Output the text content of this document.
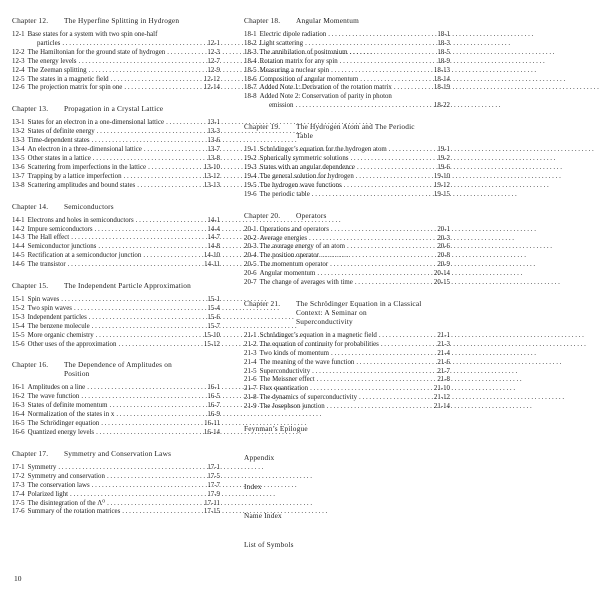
Chapter 12.	The Hyperfine Splitting in Hydrogen
12-1 Base states for a system with two spin one-half
particles . . .	12-1
12-2 The Hamiltonian for the ground state of hydrogen . . .	12-3
12-3 The energy levels . . .	12-7
12-4 The Zeeman splitting . . .	12-9
12-5 The states in a magnetic field . . .	12-12
12-6 The projection matrix for spin one . . .	12-14
Chapter 13.	Propagation in a Crystal Lattice
13-1 States for an electron in a one-dimensional lattice . . .	13-1
13-2 States of definite energy . . .	13-3
13-3 Time-dependent states . . .	13-6
13-4 An electron in a three-dimensional lattice . . .	13-7
13-5 Other states in a lattice . . .	13-8
13-6 Scattering from imperfections in the lattice . . .	13-10
13-7 Trapping by a lattice imperfection . . .	13-12
13-8 Scattering amplitudes and bound states . . .	13-13
Chapter 14.	Semiconductors
14-1 Electrons and holes in semiconductors . . .	14-1
14-2 Impure semiconductors . . .	14-4
14-3 The Hall effect . . .	14-7
14-4 Semiconductor junctions . . .	14-8
14-5 Rectification at a semiconductor junction . . .	14-10
14-6 The transistor . . .	14-11
Chapter 15.	The Independent Particle Approximation
15-1 Spin waves . . .	15-1
15-2 Two spin waves . . .	15-4
15-3 Independent particles . . .	15-6
15-4 The benzene molecule . . .	15-7
15-5 More organic chemistry . . .	15-10
15-6 Other uses of the approximation . . .	15-12
Chapter 16.	The Dependence of Amplitudes on
Position
16-1 Amplitudes on a line . . .	16-1
16-2 The wave function . . .	16-5
16-3 States of definite momentum . . .	16-7
16-4 Normalization of the states in x . . .	16-9
16-5 The Schrödinger equation . . .	16-11
16-6 Quantized energy levels . . .	16-14
Chapter 17.	Symmetry and Conservation Laws
17-1 Symmetry . . .	17-1
17-2 Symmetry and conservation . . .	17-5
17-3 The conservation laws . . .	17-7
17-4 Polarized light . . .	17-9
17-5 The disintegration of the Λ⁰ . . .	17-11
17-6 Summary of the rotation matrices . . .	17-15
Chapter 18.	Angular Momentum
18-1 Electric dipole radiation . . .	18-1
18-2 Light scattering . . .	18-3
18-3 The annihilation of positronium . . .	18-5
18-4 Rotation matrix for any spin . . .	18-9
18-5 Measuring a nuclear spin . . .	18-13
18-6 Composition of angular momentum . . .	18-14
18-7 Added Note 1: Derivation of the rotation matrix . . .	18-19
18-8 Added Note 2: Conservation of parity in photon
emission . . .	18-22
Chapter 19.	The Hydrogen Atom and The Periodic
Table
19-1 Schrödinger’s equation for the hydrogen atom . . .	19-1
19-2 Spherically symmetric solutions . . .	19-2
19-3 States with an angular dependence . . .	19-6
19-4 The general solution for hydrogen . . .	19-10
19-5 The hydrogen wave functions . . .	19-12
19-6 The periodic table . . .	19-15
Chapter 20.	Operators
20-1 Operations and operators . . .	20-1
20-2 Average energies . . .	20-3
20-3 The average energy of an atom . . .	20-6
20-4 The position operator . . .	20-8
20-5 The momentum operator . . .	20-9
20-6 Angular momentum . . .	20-14
20-7 The change of averages with time . . .	20-15
Chapter 21.	The Schrödinger Equation in a Classical
Context: A Seminar on
Superconductivity
21-1 Schrödinger’s equation in a magnetic field . . .	21-1
21-2 The equation of continuity for probabilities . . .	21-3
21-3 Two kinds of momentum . . .	21-4
21-4 The meaning of the wave function . . .	21-6
21-5 Superconductivity . . .	21-7
21-6 The Meissner effect . . .	21-8
21-7 Flux quantization . . .	21-10
21-8 The dynamics of superconductivity . . .	21-12
21-9 The Josephson junction . . .	21-14
Feynman’s Epilogue
Appendix
Index
Name Index
List of Symbols
10
